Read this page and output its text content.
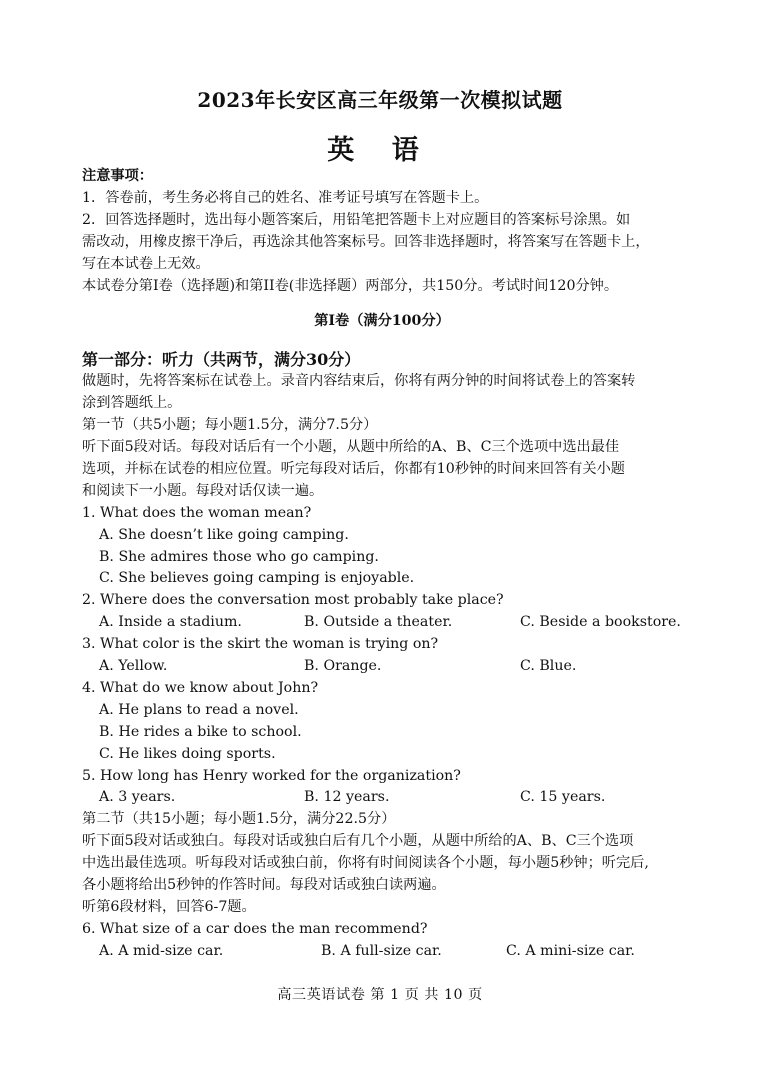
2023年长安区高三年级第一次模拟试题
英 语
注意事项：
1．答卷前，考生务必将自己的姓名、准考证号填写在答题卡上。
2．回答选择题时，选出每小题答案后，用铅笔把答题卡上对应题目的答案标号涂黑。如
需改动，用橡皮擦干净后，再选涂其他答案标号。回答非选择题时，将答案写在答题卡上，
写在本试卷上无效。
本试卷分第I卷（选择题)和第II卷(非选择题）两部分，共150分。考试时间120分钟。
第I卷（满分100分）
第一部分：听力（共两节，满分30分）
做题时，先将答案标在试卷上。录音内容结束后，你将有两分钟的时间将试卷上的答案转
涂到答题纸上。
第一节（共5小题；每小题1.5分，满分7.5分）
听下面5段对话。每段对话后有一个小题，从题中所给的A、B、C三个选项中选出最佳
选项，并标在试卷的相应位置。听完每段对话后，你都有10秒钟的时间来回答有关小题
和阅读下一小题。每段对话仅读一遍。
1. What does the woman mean?
A. She doesn’t like going camping.
B. She admires those who go camping.
C. She believes going camping is enjoyable.
2. Where does the conversation most probably take place?
A. Inside a stadium.	B. Outside a theater.	C. Beside a bookstore.
3. What color is the skirt the woman is trying on?
A. Yellow.	B. Orange.	C. Blue.
4. What do we know about John?
A. He plans to read a novel.
B. He rides a bike to school.
C. He likes doing sports.
5. How long has Henry worked for the organization?
A. 3 years.	B. 12 years.	C. 15 years.
第二节（共15小题；每小题1.5分，满分22.5分）
听下面5段对话或独白。每段对话或独白后有几个小题，从题中所给的A、B、C三个选项
中选出最佳选项。听每段对话或独白前，你将有时间阅读各个小题，每小题5秒钟；听完后,
各小题将给出5秒钟的作答时间。每段对话或独白读两遍。
听第6段材料，回答6-7题。
6. What size of a car does the man recommend?
A. A mid-size car.	B. A full-size car.	C. A mini-size car.
高三英语试卷 第 1 页 共 10 页
